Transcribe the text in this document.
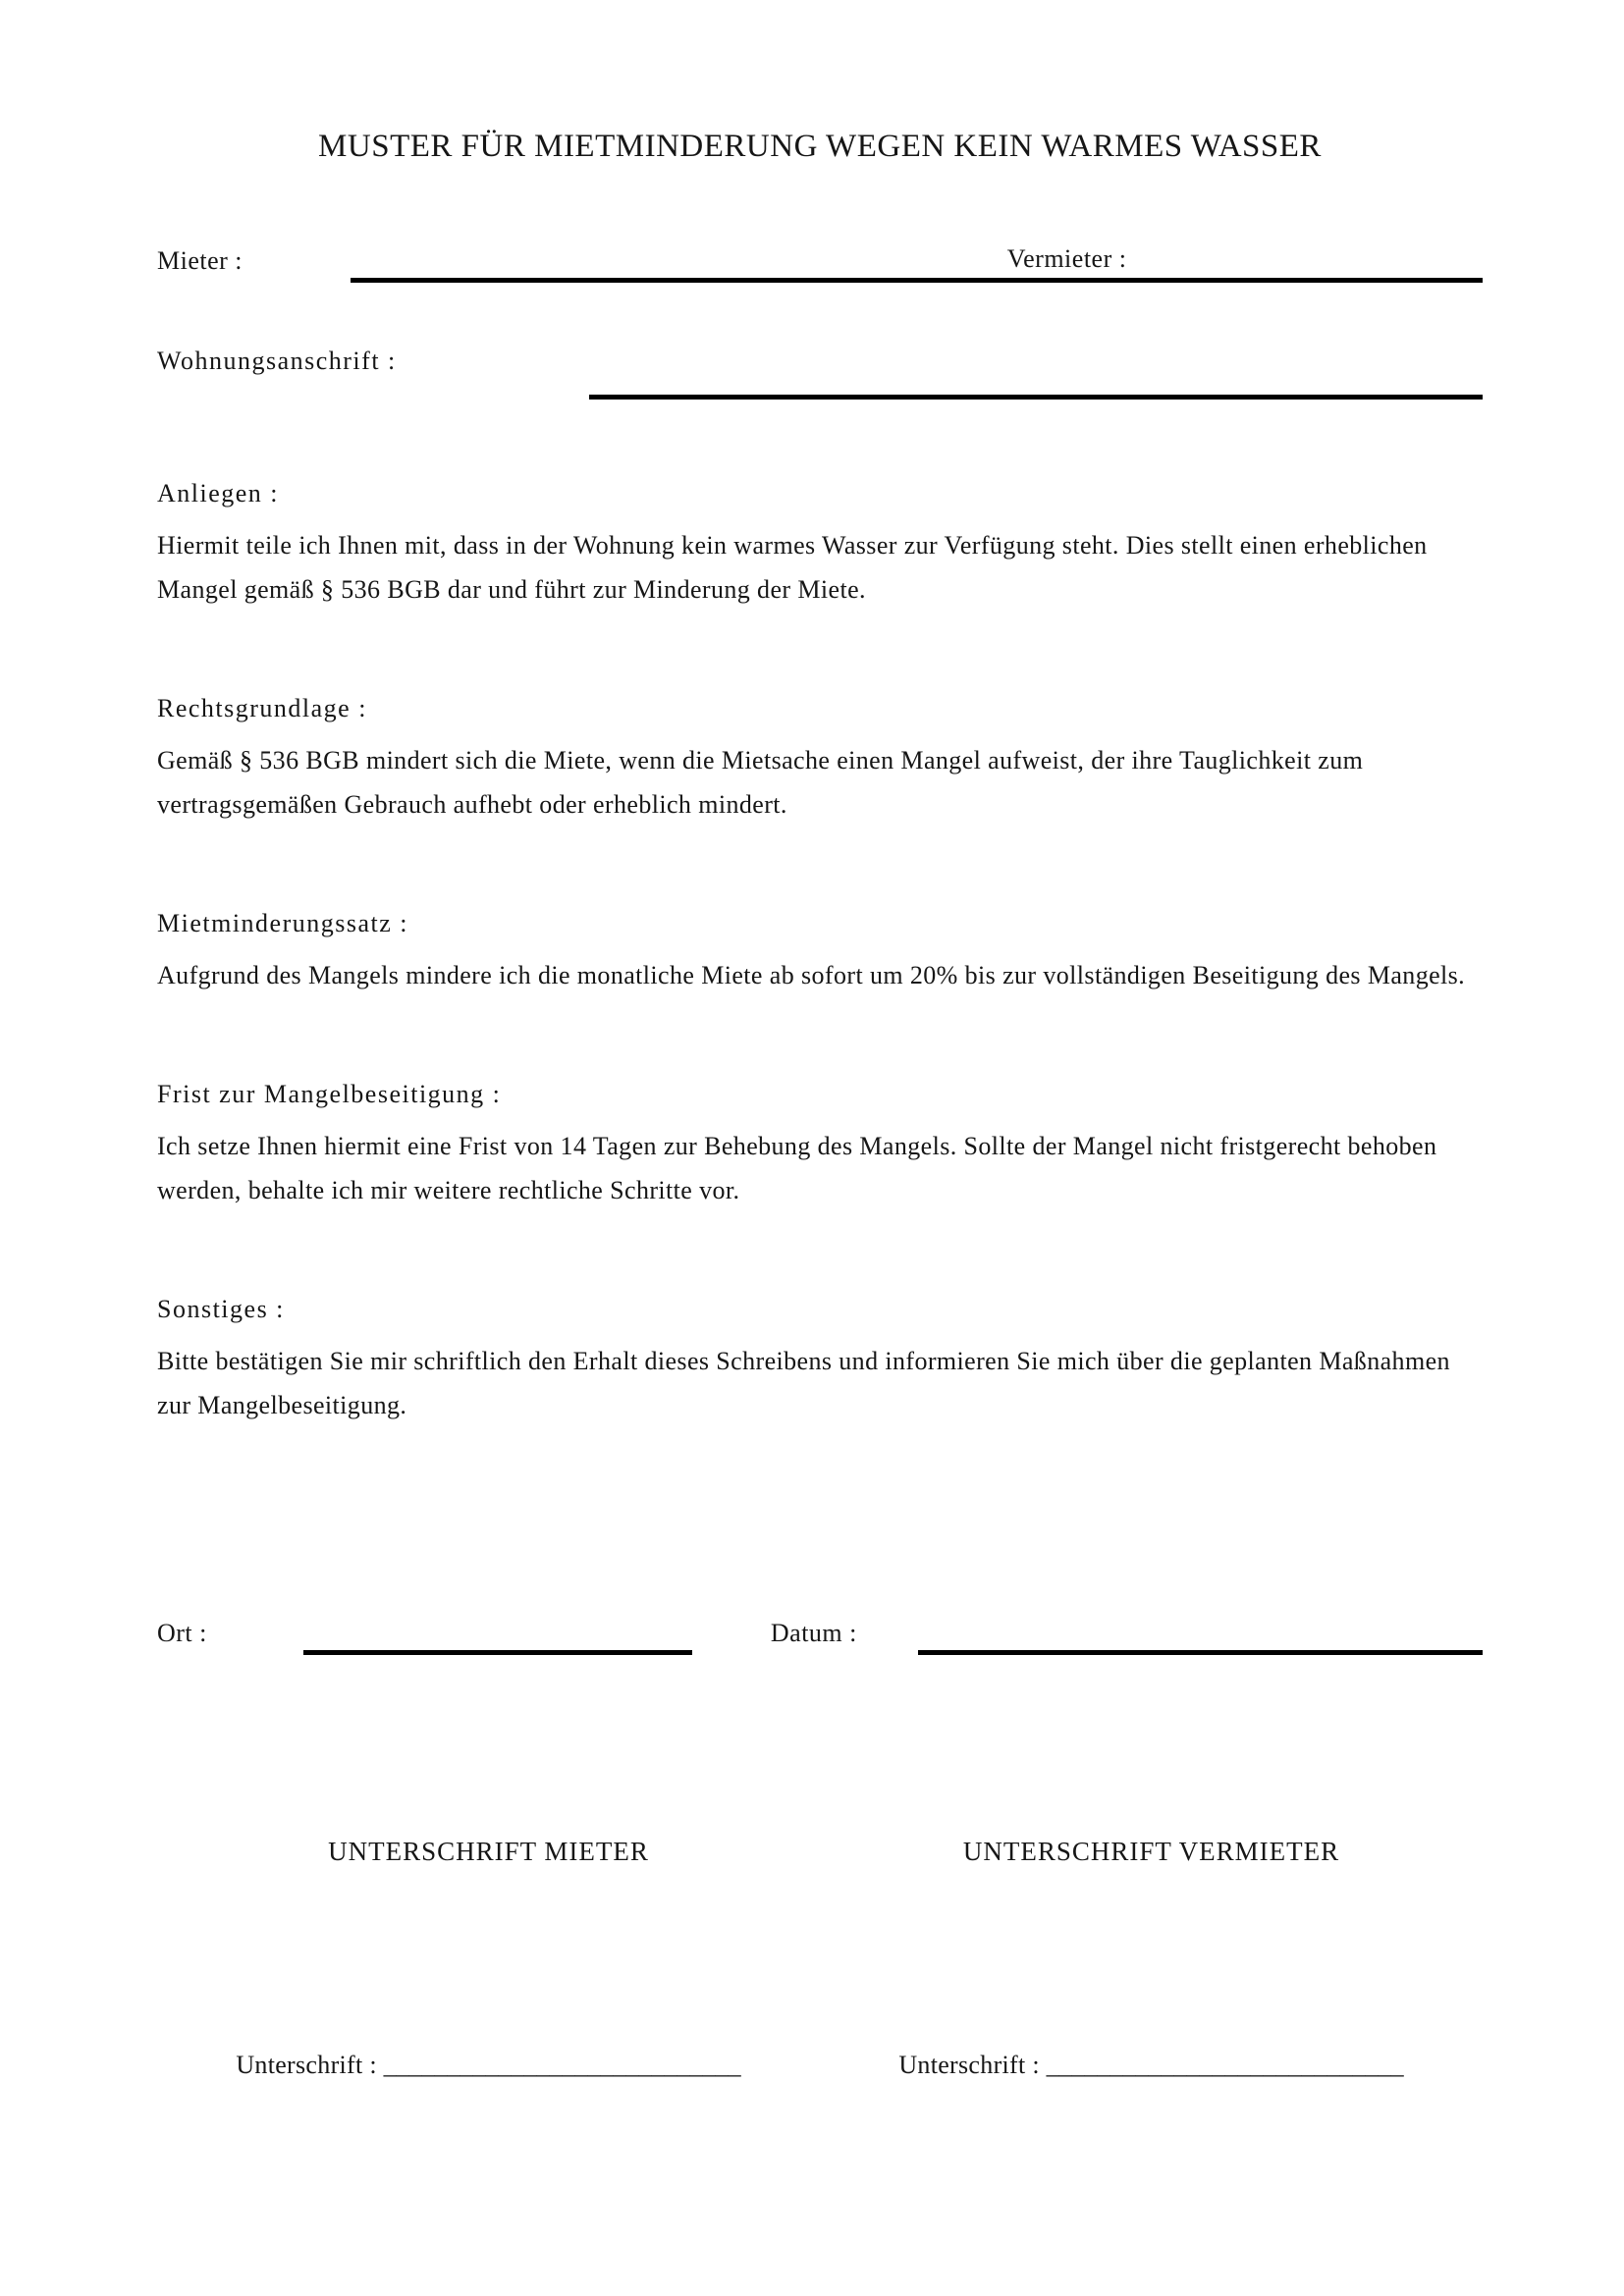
MUSTER FÜR MIETMINDERUNG WEGEN KEIN WARMES WASSER
Mieter :	Vermieter :
Wohnungsanschrift :
Anliegen :

Hiermit teile ich Ihnen mit, dass in der Wohnung kein warmes Wasser zur Verfügung steht. Dies stellt einen erheblichen Mangel gemäß § 536 BGB dar und führt zur Minderung der Miete.

Rechtsgrundlage :

Gemäß § 536 BGB mindert sich die Miete, wenn die Mietsache einen Mangel aufweist, der ihre Tauglichkeit zum vertragsgemäßen Gebrauch aufhebt oder erheblich mindert.

Mietminderungssatz :

Aufgrund des Mangels mindere ich die monatliche Miete ab sofort um 20% bis zur vollständigen Beseitigung des Mangels.

Frist zur Mangelbeseitigung :

Ich setze Ihnen hiermit eine Frist von 14 Tagen zur Behebung des Mangels. Sollte der Mangel nicht fristgerecht behoben werden, behalte ich mir weitere rechtliche Schritte vor.

Sonstiges :

Bitte bestätigen Sie mir schriftlich den Erhalt dieses Schreibens und informieren Sie mich über die geplanten Maßnahmen zur Mangelbeseitigung.

Ort :	Datum :
UNTERSCHRIFT MIETER	UNTERSCHRIFT VERMIETER
Unterschrift : ____________________________	Unterschrift : ____________________________
